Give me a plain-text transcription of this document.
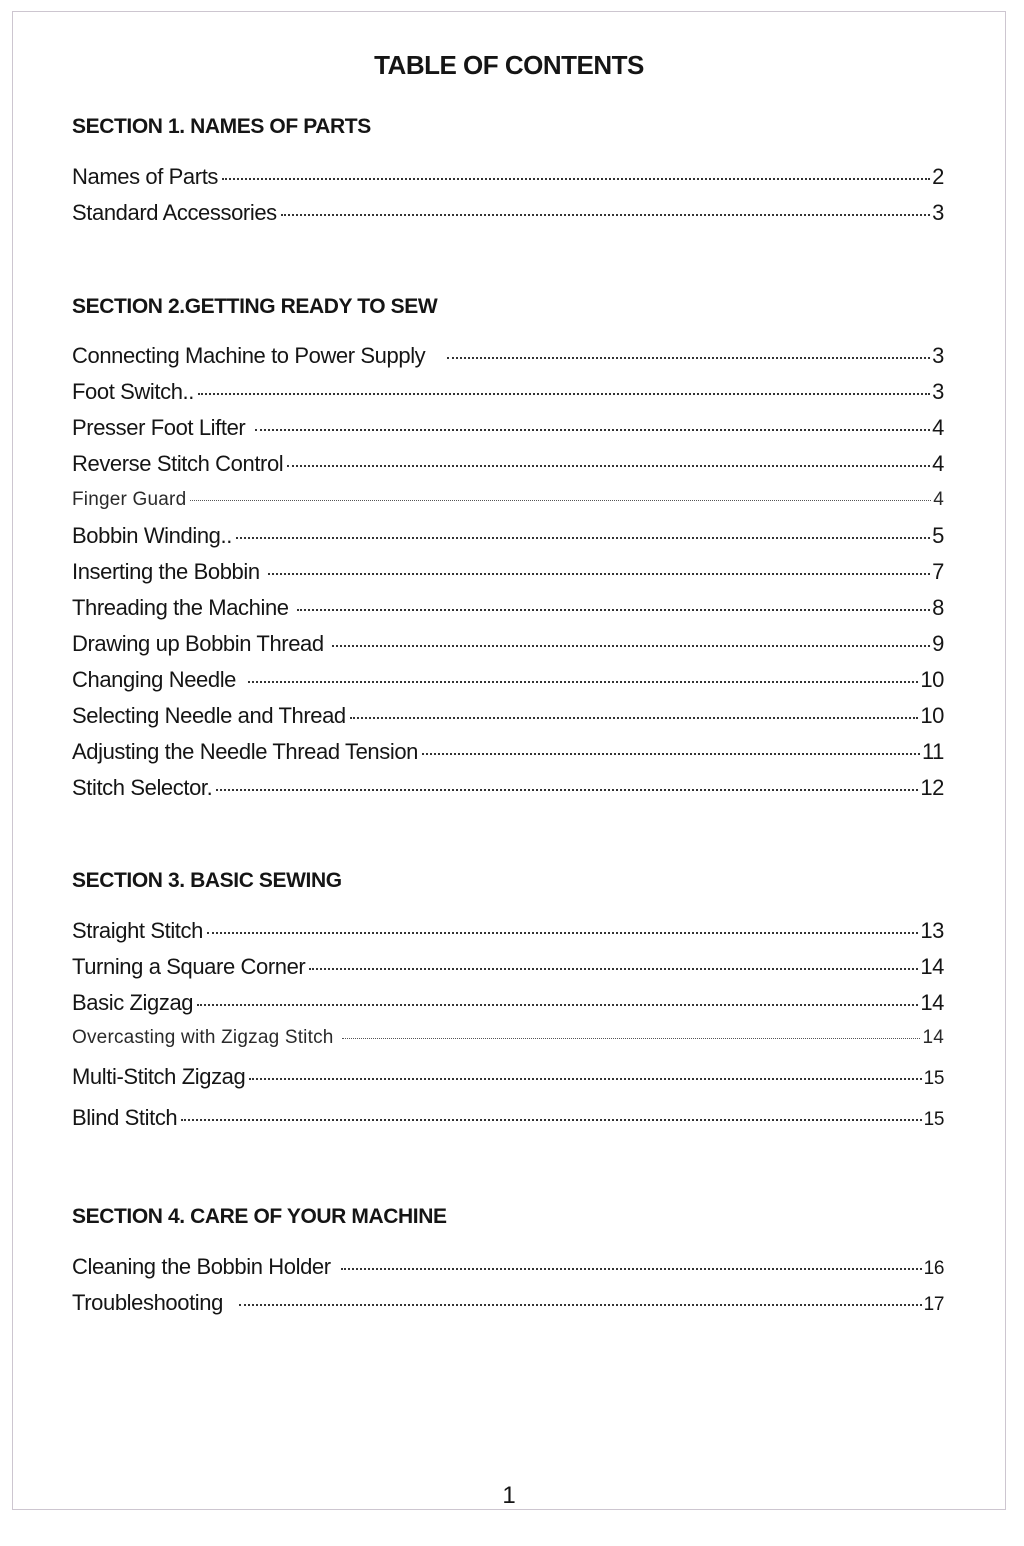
TABLE OF CONTENTS
SECTION 1. NAMES OF PARTS
Names of Parts	2
Standard Accessories	3
SECTION 2.GETTING READY TO SEW
Connecting Machine to Power Supply	3
Foot Switch..	3
Presser Foot Lifter	4
Reverse Stitch Control	4
Finger Guard	4
Bobbin Winding..	5
Inserting the Bobbin	7
Threading the Machine	8
Drawing up Bobbin Thread	9
Changing Needle	10
Selecting Needle and Thread	10
Adjusting the Needle Thread Tension	11
Stitch Selector.	12
SECTION 3. BASIC SEWING
Straight Stitch	13
Turning a Square Corner	14
Basic Zigzag	14
Overcasting with Zigzag Stitch	14
Multi-Stitch Zigzag	15
Blind Stitch	15
SECTION 4. CARE OF YOUR MACHINE
Cleaning the Bobbin Holder	16
Troubleshooting	17
1
